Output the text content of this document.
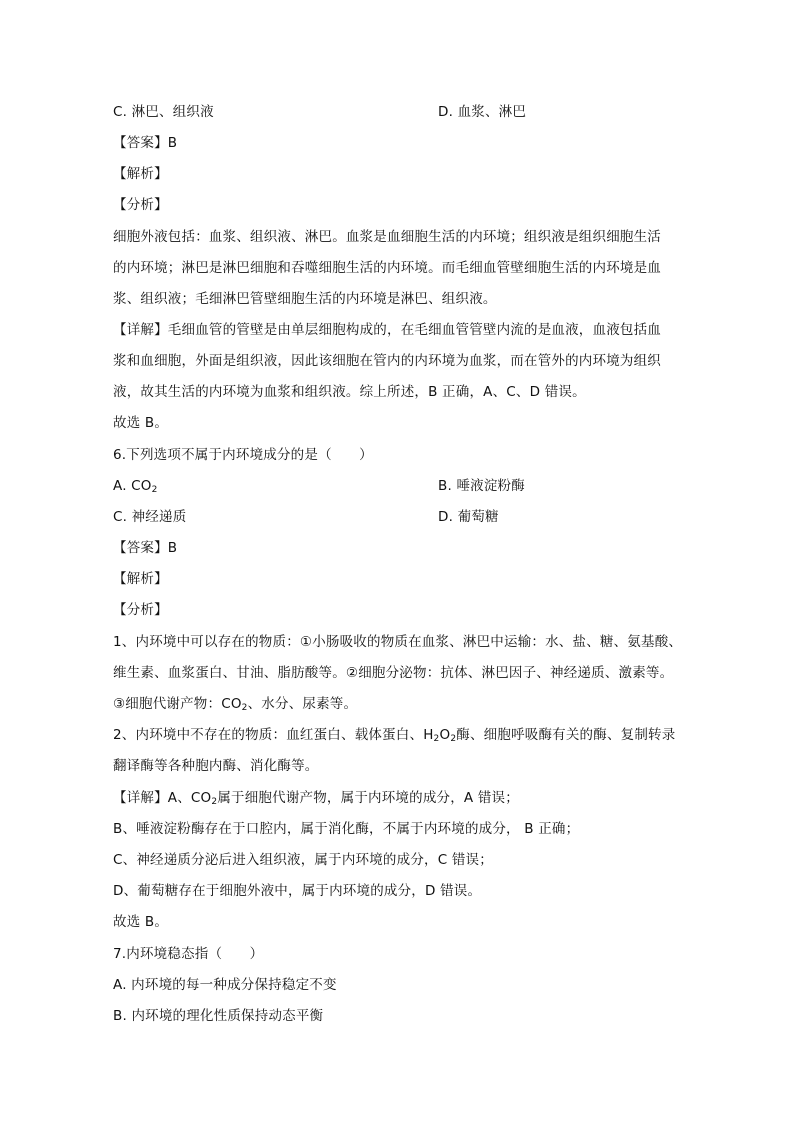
C. 淋巴、组织液	D. 血浆、淋巴
【答案】B
【解析】
【分析】
细胞外液包括：血浆、组织液、淋巴。血浆是血细胞生活的内环境；组织液是组织细胞生活
的内环境；淋巴是淋巴细胞和吞噬细胞生活的内环境。而毛细血管壁细胞生活的内环境是血
浆、组织液；毛细淋巴管壁细胞生活的内环境是淋巴、组织液。
【详解】毛细血管的管壁是由单层细胞构成的，在毛细血管管壁内流的是血液，血液包括血
浆和血细胞，外面是组织液，因此该细胞在管内的内环境为血浆，而在管外的内环境为组织
液，故其生活的内环境为血浆和组织液。综上所述，B 正确，A、C、D 错误。
故选 B。
6.下列选项不属于内环境成分的是（　　）
A. $CO_2$	B. 唾液淀粉酶
C. 神经递质	D. 葡萄糖
【答案】B
【解析】
【分析】
1、内环境中可以存在的物质：①小肠吸收的物质在血浆、淋巴中运输：水、盐、糖、氨基酸、
维生素、血浆蛋白、甘油、脂肪酸等。②细胞分泌物：抗体、淋巴因子、神经递质、激素等。
③细胞代谢产物：$CO_2$、水分、尿素等。
2、内环境中不存在的物质：血红蛋白、载体蛋白、$H_2O_2$酶、细胞呼吸酶有关的酶、复制转录
翻译酶等各种胞内酶、消化酶等。
【详解】A、$CO_2$属于细胞代谢产物，属于内环境的成分，A 错误；
B、唾液淀粉酶存在于口腔内，属于消化酶，不属于内环境的成分， B 正确；
C、神经递质分泌后进入组织液，属于内环境的成分，C 错误；
D、葡萄糖存在于细胞外液中，属于内环境的成分，D 错误。
故选 B。
7.内环境稳态指（　　）
A. 内环境的每一种成分保持稳定不变
B. 内环境的理化性质保持动态平衡
